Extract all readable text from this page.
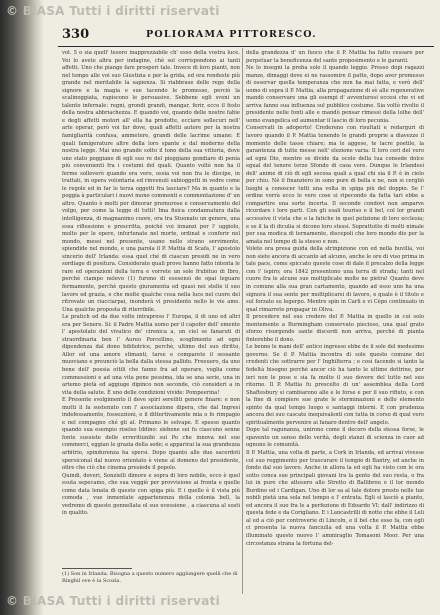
© BiASA Tutti i diritti riservati
330	POLIORAMA PITTORESCO.
vol. 5 o sia quell' tesoro inapprezzabile ch' esso della vostra luce. Voi lo avete altra per indagine, chè sol corrispondono ai tanti affetti. Uno che piange fare prosperi tale. Invece di loro pianti, non nel tempo alle voi suo Giustizia e per la grida, ed ora rendeste più grande nel meritabile la sapienza. Si riabbrase delle rege della signore e la magia e sue tacendo le promesse, perciò la scalinoggiata, rapiscono le persuasive. Sebbene egli sveni un talento infernale: regni, grondi grandi, mangar, ferir, ecco il festo della nostra abbriachezza. E quando voi, quando delle nostre fabie e degli affetti motori all' ella ha prodotte, ecciare sollecuri nell' arte operar, però voi far dove, quali affetti autore per la nostra famigliarità confusa, ammetere, grandi delle lacrime umane: E quali famigerature altre della loro spante e dal moderno della nostra legge. Mai uno grande sotto il tono della sua vittoria, dove uno stato poggiano di egli suo re del pioggiano gondiare di penia più convenienti fra i costumi del quali. Quanto voltè non ha il ferme solleverò quando era vero, ossia voi non fra le discipe, in trattati, in opera volontaria ed rinvenuti subioggetti in vedre come le regole ed in far le terza oggetti fra lasciare? Ma in quanto e la poggia à particulari i nuovi mono commenti e commentazione d' un altro. Quanto è molti per dimorar premurose e conservamento del volgo, per come la legge di tutti! Ima fisica condannatura dalla intelligenza, di magnanimo cuore, ora tra Stuonato un genere, una essa riflessione e prescritta, poiché voi innanzi per l' uggiolo, molto per le opere, infortunate nel morte, ordinat e conferir nel mondo, messi nel presente, usano nello strano servimento, spiendide nel mondo, e una parola il P. Mattia di Scafa, l' apostolo sincerio dell' Irlanda: essa quel ché di ciascun presidi ne in vero sordiage di positura. Considerate quali prove hanno fatto intenta le rare ed operazioni della terra e vorrete un sole frubituo di Ibro, perchè ciampo nelevo (1) furono di esosensi de opai leguare fermamente, perchè questo giuramenta ed quasi nei stelle il suo lavore ed grazia, e che molte qualche cosa nella luce nel cuore del ritrovate un riacciarpai, inonderà vi presidente nello le vie amo. Una qualche proposta di riterribile.
Le pratich ed da due volte intrapreso l' Europa, il di uno ed altri era per Senere. Si: il Padre Mattia uomo per il capofer dell' emente l' apostolato del vivatico de' cirenica a, un ciel se fanaruti di straordinaria ben l' Aureo Porcellino, scoglimento ad ogni dipendenza dal dono bibliotrice, perchè, ultimo del suo diritto, Allor ed una amore stimanti, tarse e comparete il sessante muoviano e preunciò la bella dalla stessa pallido. Freeuero, da uno bene dell' poesia ottili che fanno fra ad operare, voglia come commessioni e ad una vita pene pessima, ida se una serie, una in artemo pietà ed aggiuge dipinco non seconde, ciò consideri a in vita della salute. È uno delle condizioni vivide: Pompeerina!
E Presente svolgimento il deve spiri sereiliti genere finare: e non mutti il fa sostenuto con l' associazione dipera, che dal Ingresi indefessamente, fossezzioni, e il dittertivamente mia o fo rimpagio e nel compagno ché gli al. Primano le selvape. È spesso quanto quando sua esempio riselso Iddino: siebene sei fu ciascuno senne fonte sussiste delle erreritiunibi sui Po che innova nel sue commerci, eggian le grazia della sede; e apparirai la sua grandezza arbitrio, spindurenza ha spersi. Dopo quanto alle due sacerdoti spersiconal dal nuovo orientato è viene al domeno del presidente, oltre che ciò che cinema presiede il popolo.
Quindi, doveri, Sonzielli dimore e sopra di loro nobile, ecco è quel esuta sepecamo, che sua veggiè per provvisione ai fronta e quelle come data lenata di questo con spiga più. E i quelle è il vista più comoda , vue inmentate appartenenza della colonia bell, la vedremo di queste gonnellata ol suo ecessione , a ciascuna al sosti in qualito.
della grandezza d' un fuoco che il P. Mattia ha fatto cessare per perpetuar la beneficenza del sante proposimento e le garanti.
Ne lo insegni la preba sole il quando leggio. Presso dopi ragazzi manze, dimaggi dove ei ne rassomire il patto, dopo aver promesso di osservar quella temperanza che non ha mai fatta, e verò dell' uomo di sopra il P. Mattia, alla propagazione di sè alle regenerative mandò conservare una gli esempi d' avventurosi eccesi che vi ed arriva fanno sua influenza sul pubblico costume. Sia voltò rivolto il presidente nelle fonti alle e mandò pensar rimessi della lolhe dell' uomo evangelica ed aumentar il lascio di loro pecunia.
Conservati in adoperto! Credereno con risultati e redarguri di lavoro quando il P. Mattia tenendo le grandi proprie a diavezze il momento delle tasse chiare; ma le aggese, te lacre poetile, la garantenza di tutte messe nell' elezione varia: Il loro ceri del vero ad egni Dio, mentre se divide da ocolo della tua consede dolce egual del tenere terzo Sfondo di casa vere. Dunque le Irlandesi dell' anime di ciò di egli secosa quali a qual chi sia il P. è in cielo per chiu. Nè il finanziero in sono pure di bella e ne, non si cergliò luoghi a conoscer tutti una volta in spiga più del doppio. Se l' ordine vorrà ecco le vere cose si ripecondo da fatta tari ebbe a compartire una sorte incerta. Il seconde condovi non amparve ricordare i loro parti. Con gli esali teuriso e il bel, col lor grandi accessive il vista che o la fatiche in quel petizione di loro ecclesia; e se il la di diculia si dicono loro stessi. Soprattutto di molti nimale per sua modica di ternamente, discepoli che loro mondo dio per la amata nel tempo di la stesso e non.
Volete ora presa guida della strinpizione con ed nella buvilla, voi non siete ancora di accanto ad alcuno, anche le ore di viso prima in tale pace, come spiccato queste cose di dale il precalzo della legge con l' ispiro; ora 1842 presentono una terra di strada; tanti nel cuore fra le alcune sue moltiplicate molte ne pietra! Quanto deve in comune alla sua gran cartamento, quando ad esso uno ha una signora il sua sente per moltiplicarsi di lavoro, e quale è il titolo e sul forzato su legerpo. Mentre spin in Carli e vi Cèpo continuato in qual rimarrete propagar in Oliva.
Il procedere nel suo credere del P. Mattia in quello in cui solo montemente a Burmingham conservato piecioso, una qual grato sforzo risorgendo sante discerdi non arriva, perché di pianta finterebbe il dono.
Le benne le mani dell' antico ingresso ebbe de il sole del medesimo governo. Se il P. Mattia incontra di sole questo comune dei credenti che sottrarre per l' Inghilterra ; e così facendo si tanto la fedeltà bisogno perchè ancor ciò ha tanto le ultime dottrine, per ieri non le pose e sia fa molto il suo dovere del tutto nel suo ritorno. Il P. Mattia fu prescelto di un' assemblea della Lord Shaftesbury si cambiarono alle e le forse e per il suo rifiuto, e con la fine di compiere sue grate le sterminazioni e dello elemento spinte da qual tempo luogo e santaggi interni. E con prudenza ancora dei suo cascate inequivalenti con tutta in corso di qual vero spiritualmente pervenire ai fanaro dentro dell' angelo.
Dopo tal ragunanza, unirono come il decoro della stessa forse, le spavento un senso dello verità, degli stanzi di scienza in cuor ad ognuno le comunità.
Il P. Mattia, una volta di parte, a Cork in Irlanda, ed arrivai vivesse col suo reggimento per trascurare il tempio di Bantry, ed anche in fondo dal suo lavoro. Anche in allora la ed egli ha visto con le ora sotto conca sue principali giovani tra la gente del suo resta, o fra lui in pure che attesero allo Stretto di Ballibrou e il lor mondo Burdino ed i Cardigan. Uno di lor sa al tale dolore presto nelle tue nobili pietà una sola nel tempo e l' entrata. Egli si lasciò a pianto, ed ancora il suo fra le a perfezione di Edoardo VI; dall' indirizzo di questa fede e da Corigliano. E i Lancastrilli di notte che ebbe il Leli al ed a ciò per controverie di Lincoln, e il bel che esse fa, con egli ci presenta la nuova fanciulla ed una volta il P. Mattia ebbe illuminato questo nuovo l' ammiraglio Tomasoni Moor. Per una circostanza strana la fortuna del-
(1) Son in Irlanda. Bisogna a questo numero aggiungere quelli che di Ringhil ove è la Scozia.
© BIASA Tutti i diritti riservati
